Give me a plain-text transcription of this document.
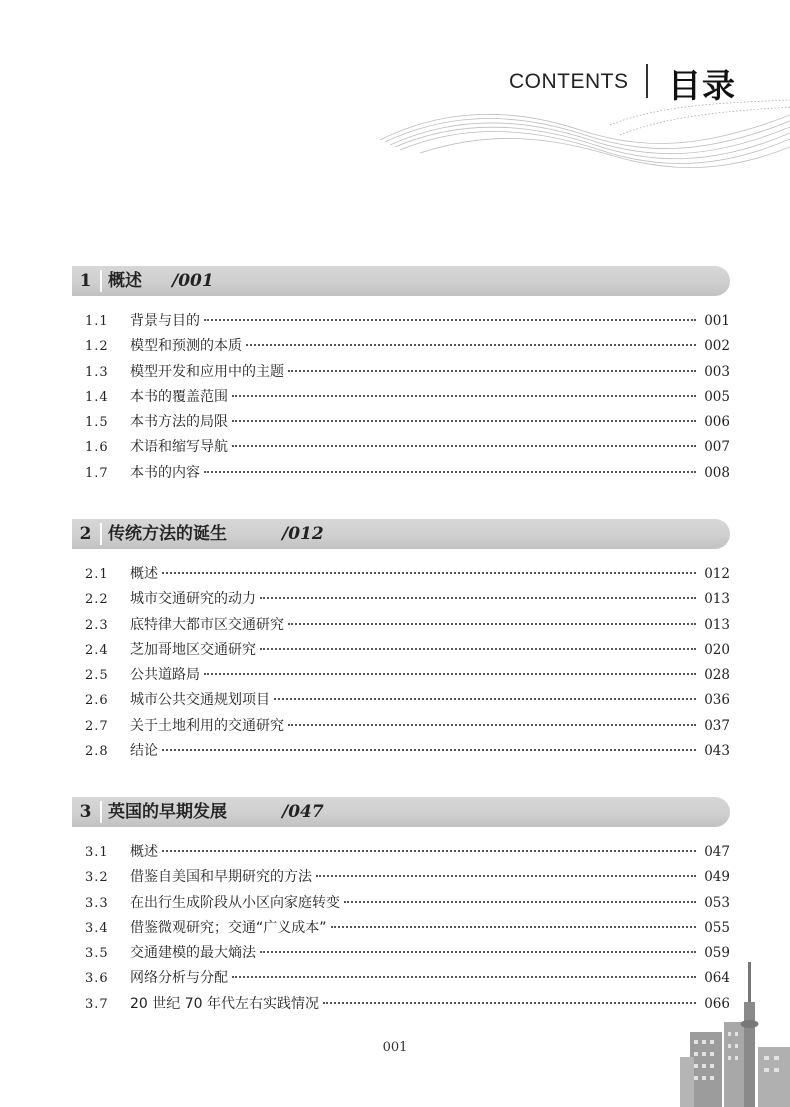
CONTENTS 目录
1 概述 /001
1.1	背景与目的	001
1.2	模型和预测的本质	002
1.3	模型开发和应用中的主题	003
1.4	本书的覆盖范围	005
1.5	本书方法的局限	006
1.6	术语和缩写导航	007
1.7	本书的内容	008
2 传统方法的诞生	/012
2.1	概述	012
2.2	城市交通研究的动力	013
2.3	底特律大都市区交通研究	013
2.4	芝加哥地区交通研究	020
2.5	公共道路局	028
2.6	城市公共交通规划项目	036
2.7	关于土地利用的交通研究	037
2.8	结论	043
3 英国的早期发展	/047
3.1	概述	047
3.2	借鉴自美国和早期研究的方法	049
3.3	在出行生成阶段从小区向家庭转变	053
3.4	借鉴微观研究；交通“广义成本”	055
3.5	交通建模的最大熵法	059
3.6	网络分析与分配	064
3.7	20 世纪 70 年代左右实践情况	066
001
